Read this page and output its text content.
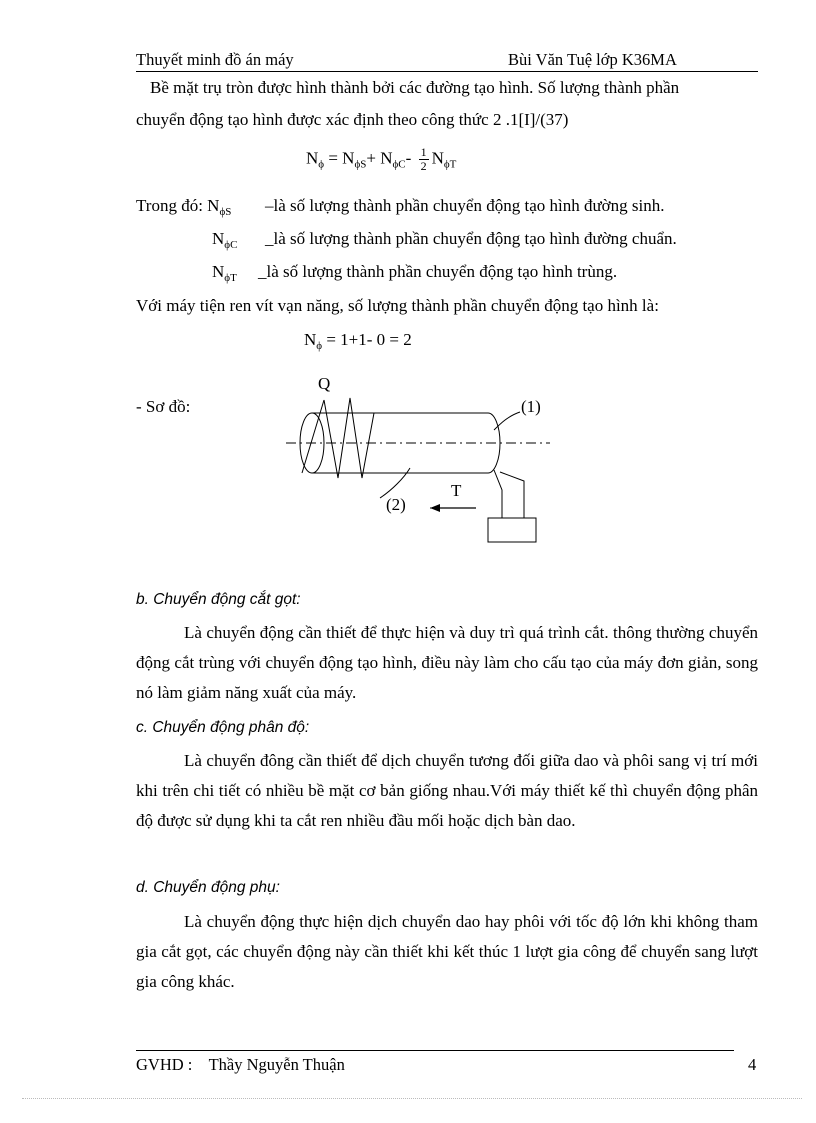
Thuyết minh đồ án máy	Bùi Văn Tuệ lớp K36MA
Bề mặt trụ tròn được hình thành bởi các đường tạo hình. Số lượng thành phần
chuyển động tạo hình được xác định theo công thức 2 .1[I]/(37)
$N_\phi = N_{\phi S}+ N_{\phi C}- \frac{1}{2} N_{\phi T}$
Trong đó: $N_{\phi S}$ –là số lượng thành phần chuyển động tạo hình đường sinh.
$N_{\phi C}$ _là số lượng thành phần chuyển động tạo hình đường chuẩn.
$N_{\phi T}$ _là số lượng thành phần chuyển động tạo hình trùng.
Với máy tiện ren vít vạn năng, số lượng thành phần chuyển động tạo hình là:
$N_\phi = 1+1-$ 0 = 2
- Sơ đồ:
Q
(1)
(2)
T
b. Chuyển động cắt gọt:
Là chuyển động cần thiết để thực hiện và duy trì quá trình cắt. thông thường chuyển động cắt trùng với chuyển động tạo hình, điều này làm cho cấu tạo của máy đơn giản, song nó làm giảm năng xuất của máy.
c. Chuyển động phân độ:
Là chuyển đông cần thiết để dịch chuyển tương đối giữa dao và phôi sang vị trí mới khi trên chi tiết có nhiều bề mặt cơ bản giống nhau.Với máy thiết kế thì chuyển động phân độ được sử dụng khi ta cắt ren nhiều đầu mối hoặc dịch bàn dao.
d. Chuyển động phụ:
Là chuyển động thực hiện dịch chuyển dao hay phôi với tốc độ lớn khi không tham gia cắt gọt, các chuyển động này cần thiết khi kết thúc 1 lượt gia công để chuyển sang lượt gia công khác.
GVHD :    Thầy Nguyễn Thuận	4
